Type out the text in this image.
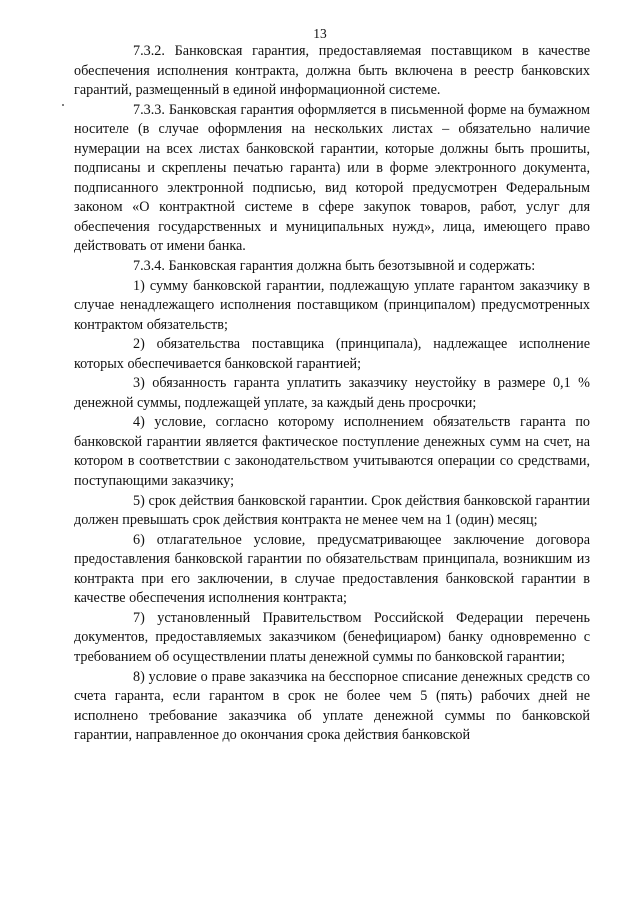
13

7.3.2. Банковская гарантия, предоставляемая поставщиком в качестве обеспечения исполнения контракта, должна быть включена в реестр банковских гарантий, размещенный в единой информационной системе.

7.3.3. Банковская гарантия оформляется в письменной форме на бумажном носителе (в случае оформления на нескольких листах – обязательно наличие нумерации на всех листах банковской гарантии, которые должны быть прошиты, подписаны и скреплены печатью гаранта) или в форме электронного документа, подписанного электронной подписью, вид которой предусмотрен Федеральным законом «О контрактной системе в сфере закупок товаров, работ, услуг для обеспечения государственных и муниципальных нужд», лица, имеющего право действовать от имени банка.

7.3.4. Банковская гарантия должна быть безотзывной и содержать:

1) сумму банковской гарантии, подлежащую уплате гарантом заказчику в случае ненадлежащего исполнения поставщиком (принципалом) предусмотренных контрактом обязательств;

2) обязательства поставщика (принципала), надлежащее исполнение которых обеспечивается банковской гарантией;

3) обязанность гаранта уплатить заказчику неустойку в размере 0,1 % денежной суммы, подлежащей уплате, за каждый день просрочки;

4) условие, согласно которому исполнением обязательств гаранта по банковской гарантии является фактическое поступление денежных сумм на счет, на котором в соответствии с законодательством учитываются операции со средствами, поступающими заказчику;

5) срок действия банковской гарантии. Срок действия банковской гарантии должен превышать срок действия контракта не менее чем на 1 (один) месяц;

6) отлагательное условие, предусматривающее заключение договора предоставления банковской гарантии по обязательствам принципала, возникшим из контракта при его заключении, в случае предоставления банковской гарантии в качестве обеспечения исполнения контракта;

7) установленный Правительством Российской Федерации перечень документов, предоставляемых заказчиком (бенефициаром) банку одновременно с требованием об осуществлении платы денежной суммы по банковской гарантии;

8) условие о праве заказчика на бесспорное списание денежных средств со счета гаранта, если гарантом в срок не более чем 5 (пять) рабочих дней не исполнено требование заказчика об уплате денежной суммы по банковской гарантии, направленное до окончания срока действия банковской
